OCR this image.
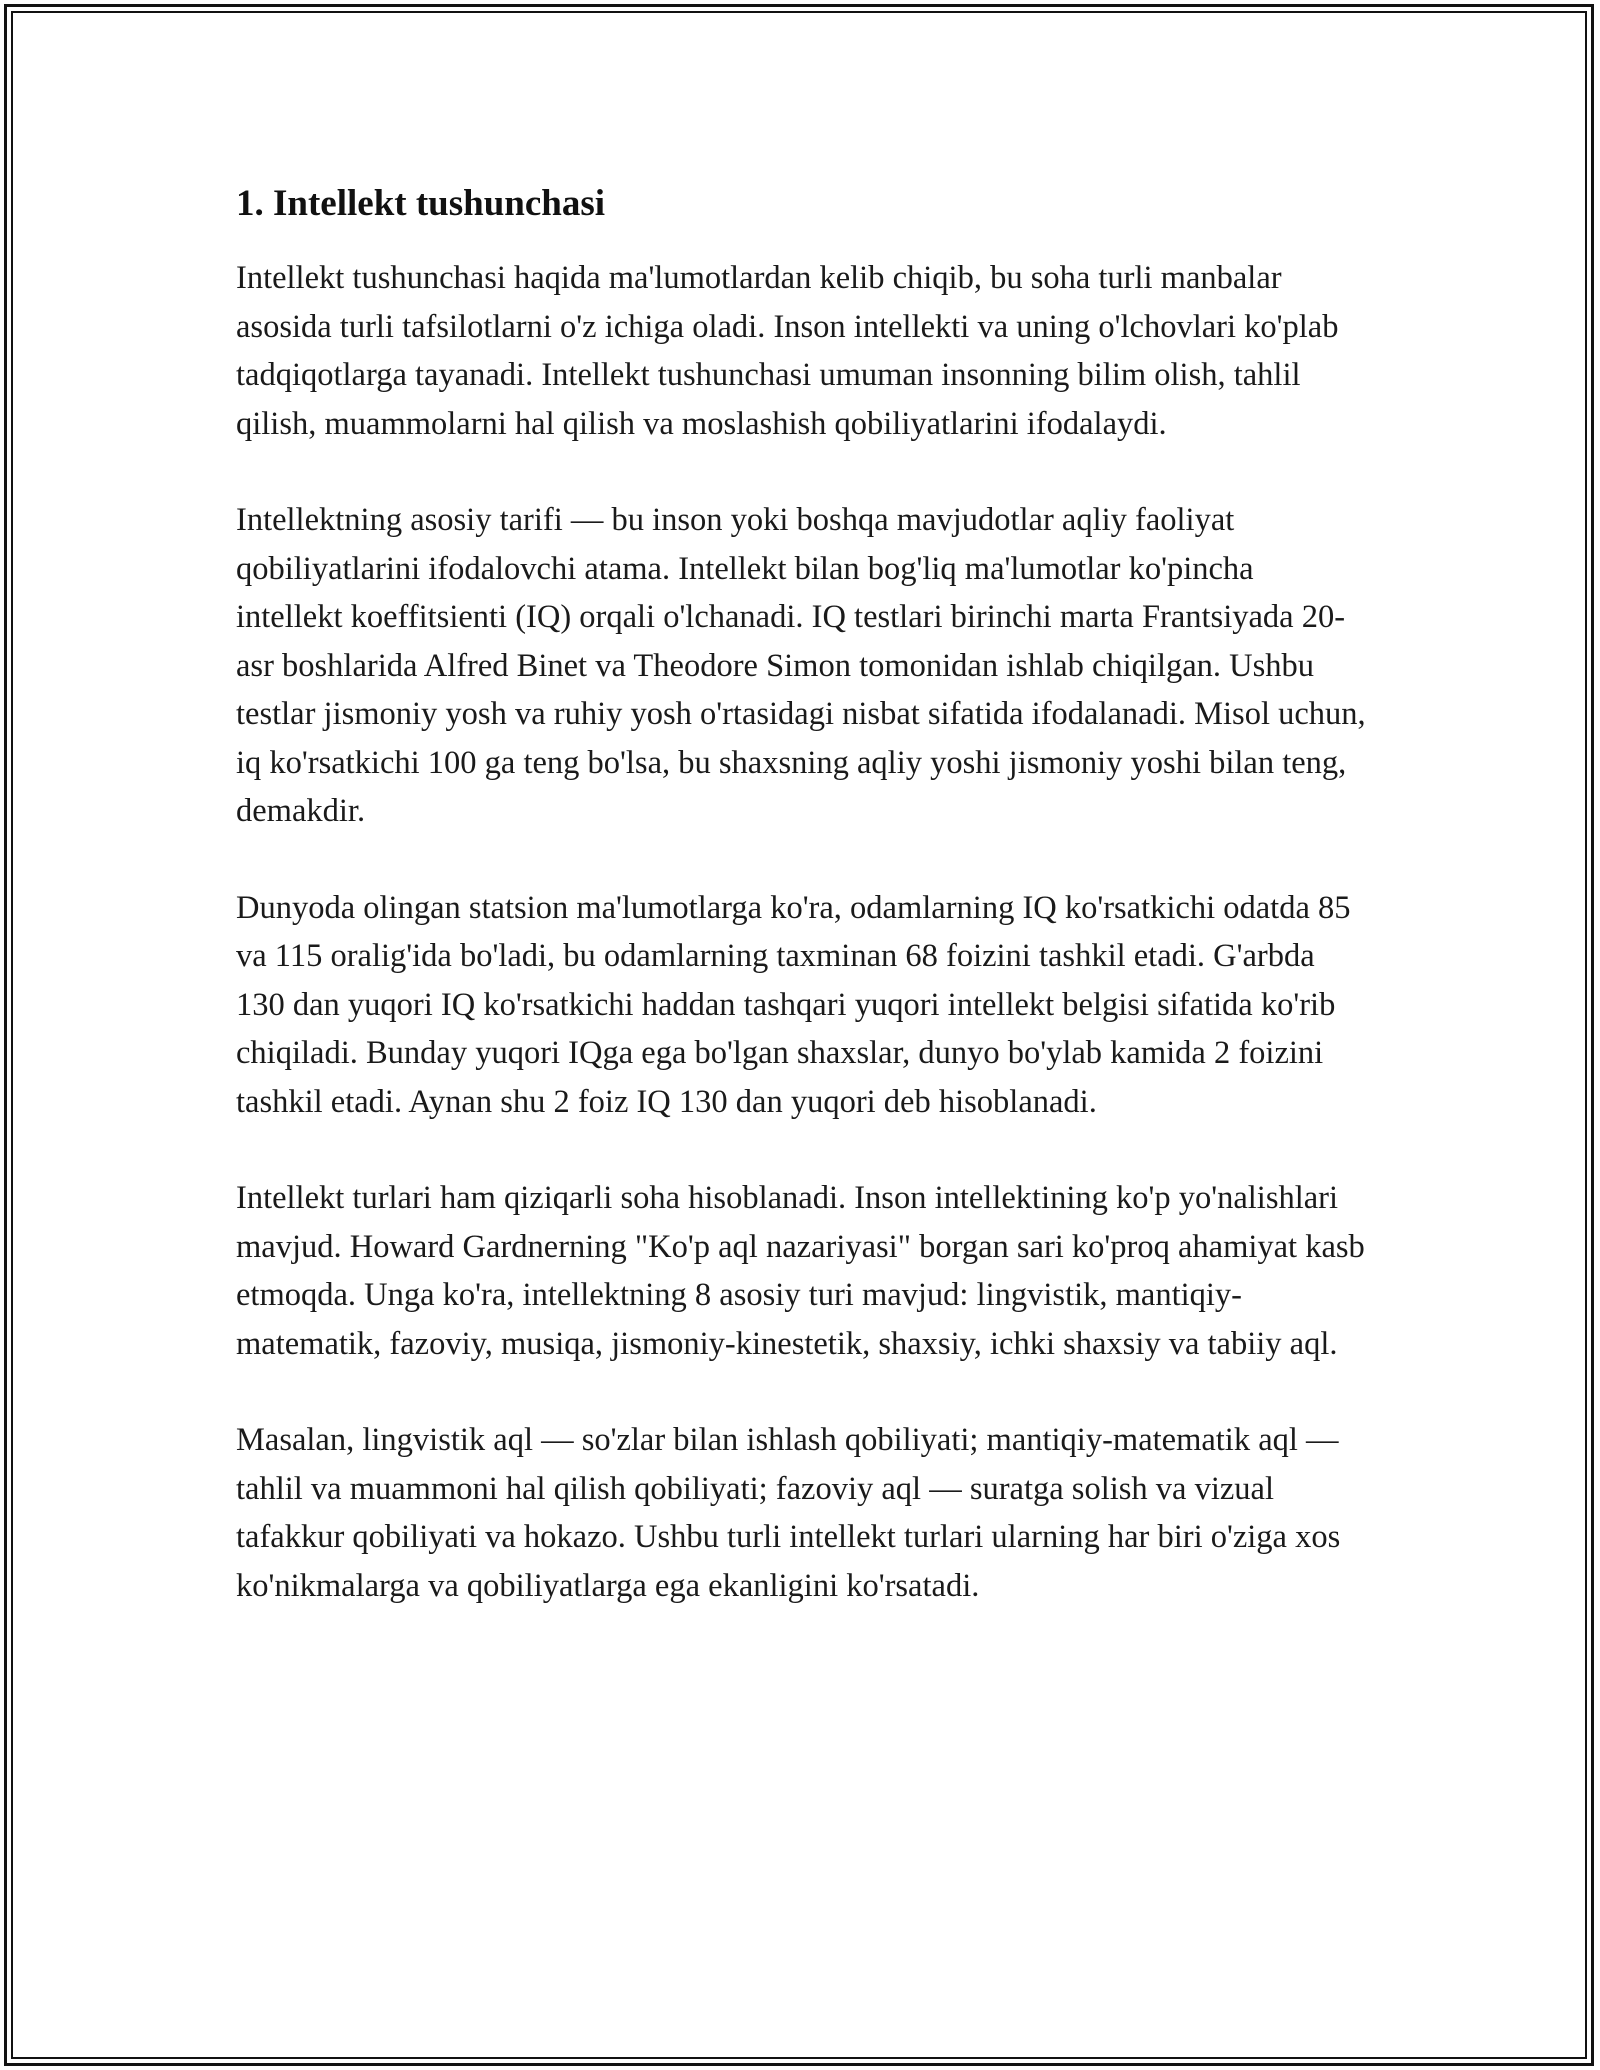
1. Intellekt tushunchasi

Intellekt tushunchasi haqida ma'lumotlardan kelib chiqib, bu soha turli manbalar asosida turli tafsilotlarni o'z ichiga oladi. Inson intellekti va uning o'lchovlari ko'plab tadqiqotlarga tayanadi. Intellekt tushunchasi umuman insonning bilim olish, tahlil qilish, muammolarni hal qilish va moslashish qobiliyatlarini ifodalaydi.

Intellektning asosiy tarifi — bu inson yoki boshqa mavjudotlar aqliy faoliyat qobiliyatlarini ifodalovchi atama. Intellekt bilan bog'liq ma'lumotlar ko'pincha intellekt koeffitsienti (IQ) orqali o'lchanadi. IQ testlari birinchi marta Frantsiyada 20-asr boshlarida Alfred Binet va Theodore Simon tomonidan ishlab chiqilgan. Ushbu testlar jismoniy yosh va ruhiy yosh o'rtasidagi nisbat sifatida ifodalanadi. Misol uchun, iq ko'rsatkichi 100 ga teng bo'lsa, bu shaxsning aqliy yoshi jismoniy yoshi bilan teng, demakdir.

Dunyoda olingan statsion ma'lumotlarga ko'ra, odamlarning IQ ko'rsatkichi odatda 85 va 115 oralig'ida bo'ladi, bu odamlarning taxminan 68 foizini tashkil etadi. G'arbda 130 dan yuqori IQ ko'rsatkichi haddan tashqari yuqori intellekt belgisi sifatida ko'rib chiqiladi. Bunday yuqori IQga ega bo'lgan shaxslar, dunyo bo'ylab kamida 2 foizini tashkil etadi. Aynan shu 2 foiz IQ 130 dan yuqori deb hisoblanadi.

Intellekt turlari ham qiziqarli soha hisoblanadi. Inson intellektining ko'p yo'nalishlari mavjud. Howard Gardnerning "Ko'p aql nazariyasi" borgan sari ko'proq ahamiyat kasb etmoqda. Unga ko'ra, intellektning 8 asosiy turi mavjud: lingvistik, mantiqiy-matematik, fazoviy, musiqa, jismoniy-kinestetik, shaxsiy, ichki shaxsiy va tabiiy aql.

Masalan, lingvistik aql — so'zlar bilan ishlash qobiliyati; mantiqiy-matematik aql — tahlil va muammoni hal qilish qobiliyati; fazoviy aql — suratga solish va vizual tafakkur qobiliyati va hokazo. Ushbu turli intellekt turlari ularning har biri o'ziga xos ko'nikmalarga va qobiliyatlarga ega ekanligini ko'rsatadi.
